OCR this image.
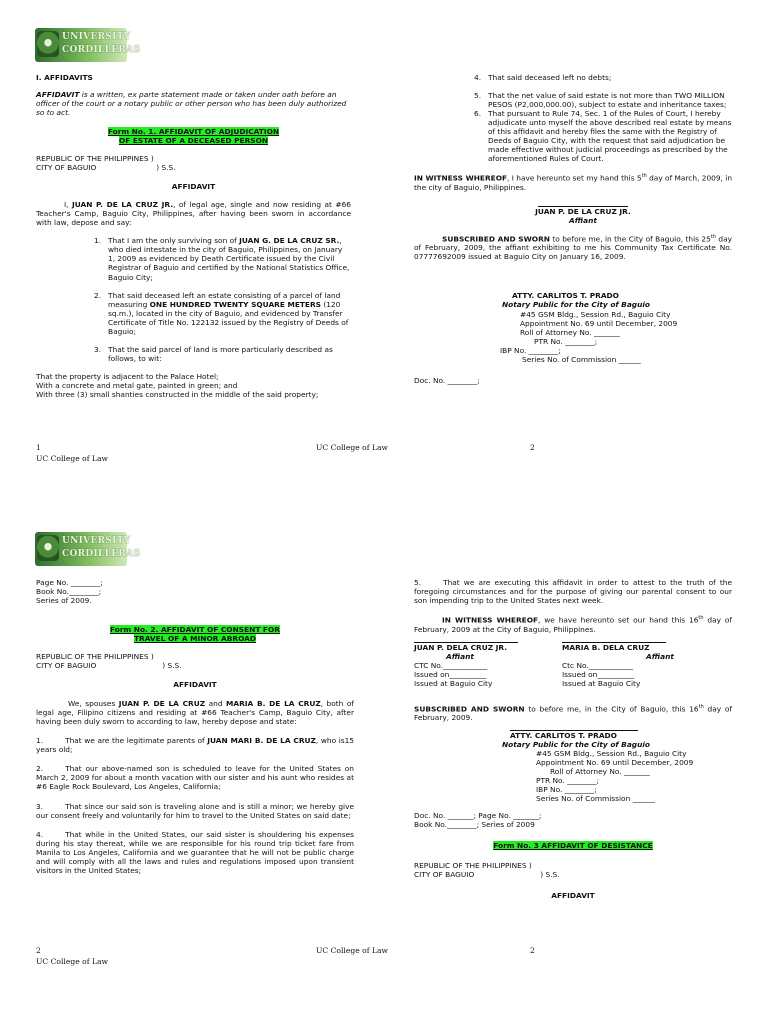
UNIVERSITY
CORDILLERAS

I. AFFIDAVITS

AFFIDAVIT is a written, ex parte statement made or taken under oath before an officer of the court or a notary public or other person who has been duly authorized so to act.

Form No. 1. AFFIDAVIT OF ADJUDICATION
OF ESTATE OF A DECEASED PERSON

REPUBLIC OF THE PHILIPPINES )

CITY OF BAGUIO	) S.S.

AFFIDAVIT

I, JUAN P. DE LA CRUZ JR., of legal age, single and now residing at #66 Teacher's Camp, Baguio City, Philippines, after having been sworn in accordance with law, depose and say:

1. That I am the only surviving son of JUAN G. DE LA CRUZ SR., who died intestate in the city of Baguio, Philippines, on January 1, 2009 as evidenced by Death Certificate issued by the Civil Registrar of Baguio and certified by the National Statistics Office, Baguio City;
2. That said deceased left an estate consisting of a parcel of land measuring ONE HUNDRED TWENTY SQUARE METERS (120 sq.m.), located in the city of Baguio, and evidenced by Transfer Certificate of Title No. 122132 issued by the Registry of Deeds of Baguio;
3. That the said parcel of land is more particularly described as follows, to wit:

That the property is adjacent to the Palace Hotel;

With a concrete and metal gate, painted in green; and

With three (3) small shanties constructed in the middle of the said property;

1
UC College of Law
4. That said deceased left no debts;
5. That the net value of said estate is not more than TWO MILLION PESOS (P2,000,000.00), subject to estate and inheritance taxes;
6. That pursuant to Rule 74, Sec. 1 of the Rules of Court, I hereby adjudicate unto myself the above described real estate by means of this affidavit and hereby files the same with the Registry of Deeds of Baguio City, with the request that said adjudication be made effective without judicial proceedings as prescribed by the aforementioned Rules of Court.

IN WITNESS WHEREOF, I have hereunto set my hand this 5th day of March, 2009, in the city of Baguio, Philippines.

JUAN P. DE LA CRUZ JR.

Affiant

SUBSCRIBED AND SWORN to before me, in the City of Baguio, this 25th day of February, 2009, the affiant exhibiting to me his Community Tax Certificate No. 07777692009 issued at Baguio City on January 16, 2009.

ATTY. CARLITOS T. PRADO

Notary Public for the City of Baguio

#45 GSM Bldg., Session Rd., Baguio City

Appointment No. 69 until December, 2009

Roll of Attorney No. _______

PTR No. ________;

IBP No. ________;

Series No. of Commission ______

Doc. No. ________;

UC College of Law	2
UNIVERSITY
CORDILLERAS

Page No. ________;

Book No.________;

Series of 2009.

Form No. 2. AFFIDAVIT OF CONSENT FOR
TRAVEL OF A MINOR ABROAD

REPUBLIC OF THE PHILIPPINES )

CITY OF BAGUIO	) S.S.

AFFIDAVIT

We, spouses JUAN P. DE LA CRUZ and MARIA B. DE LA CRUZ, both of legal age, Filipino citizens and residing at #66 Teacher's Camp, Baguio City, after having been duly sworn to according to law, hereby depose and state:

1.	That we are the legitimate parents of JUAN MARI B. DE LA CRUZ, who is15 years old;

2.	That our above-named son is scheduled to leave for the United States on March 2, 2009 for about a month vacation with our sister and his aunt who resides at #6 Eagle Rock Boulevard, Los Angeles, California;

3.	That since our said son is traveling alone and is still a minor; we hereby give our consent freely and voluntarily for him to travel to the United States on said date;

4.	That while in the United States, our said sister is shouldering his expenses during his stay thereat, while we are responsible for his round trip ticket fare from Manila to Los Angeles, California and we guarantee that he will not be public charge and will comply with all the laws and rules and regulations imposed upon transient visitors in the United States;

2
UC College of Law

5.	That we are executing this affidavit in order to attest to the truth of the foregoing circumstances and for the purpose of giving our parental consent to our son impending trip to the United States next week.

IN WITNESS WHEREOF, we have hereunto set our hand this 16th day of February, 2009 at the City of Baguio, Philippines.

JUAN P. DELA CRUZ JR.

Affiant

CTC No.____________

Issued on__________

Issued at Baguio City

MARIA B. DELA CRUZ

Affiant

Ctc No.____________

Issued on__________

Issued at Baguio City

SUBSCRIBED AND SWORN to before me, in the City of Baguio, this 16th day of February, 2009.

ATTY. CARLITOS T. PRADO

Notary Public for the City of Baguio

#45 GSM Bldg., Session Rd., Baguio City

Appointment No. 69 until December, 2009

Roll of Attorney No. _______

PTR No. ________;

IBP No. ________;

Series No. of Commission ______

Doc. No. _______; Page No. _______;

Book No.________; Series of 2009

Form No. 3 AFFIDAVIT OF DESISTANCE

REPUBLIC OF THE PHILIPPINES )

CITY OF BAGUIO	) S.S.

AFFIDAVIT

UC College of Law	2
